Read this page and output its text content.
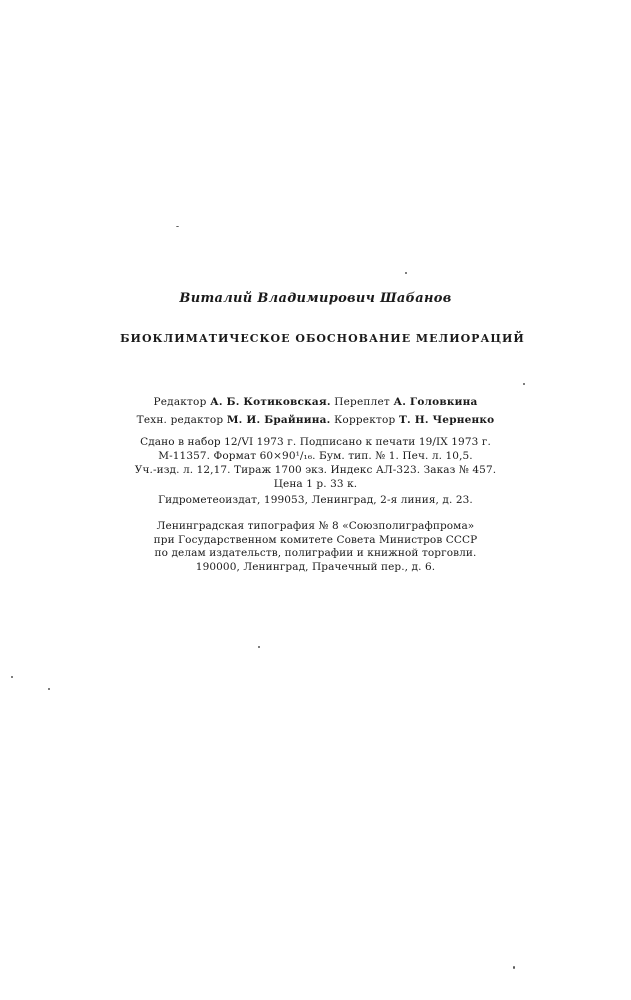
Виталий Владимирович Шабанов
БИОКЛИМАТИЧЕСКОЕ ОБОСНОВАНИЕ МЕЛИОРАЦИЙ
Редактор А. Б. Котиковская. Переплет А. Головкина
Техн. редактор М. И. Брайнина. Корректор Т. Н. Черненко
Сдано в набор 12/VI 1973 г. Подписано к печати 19/IX 1973 г.
М-11357. Формат 60×90¹/₁₆. Бум. тип. № 1. Печ. л. 10,5.
Уч.-изд. л. 12,17. Тираж 1700 экз. Индекс АЛ-323. Заказ № 457.
Цена 1 р. 33 к.
Гидрометеоиздат, 199053, Ленинград, 2-я линия, д. 23.
Ленинградская типография № 8 «Союзполиграфпрома»
при Государственном комитете Совета Министров СССР
по делам издательств, полиграфии и книжной торговли.
190000, Ленинград, Прачечный пер., д. 6.
